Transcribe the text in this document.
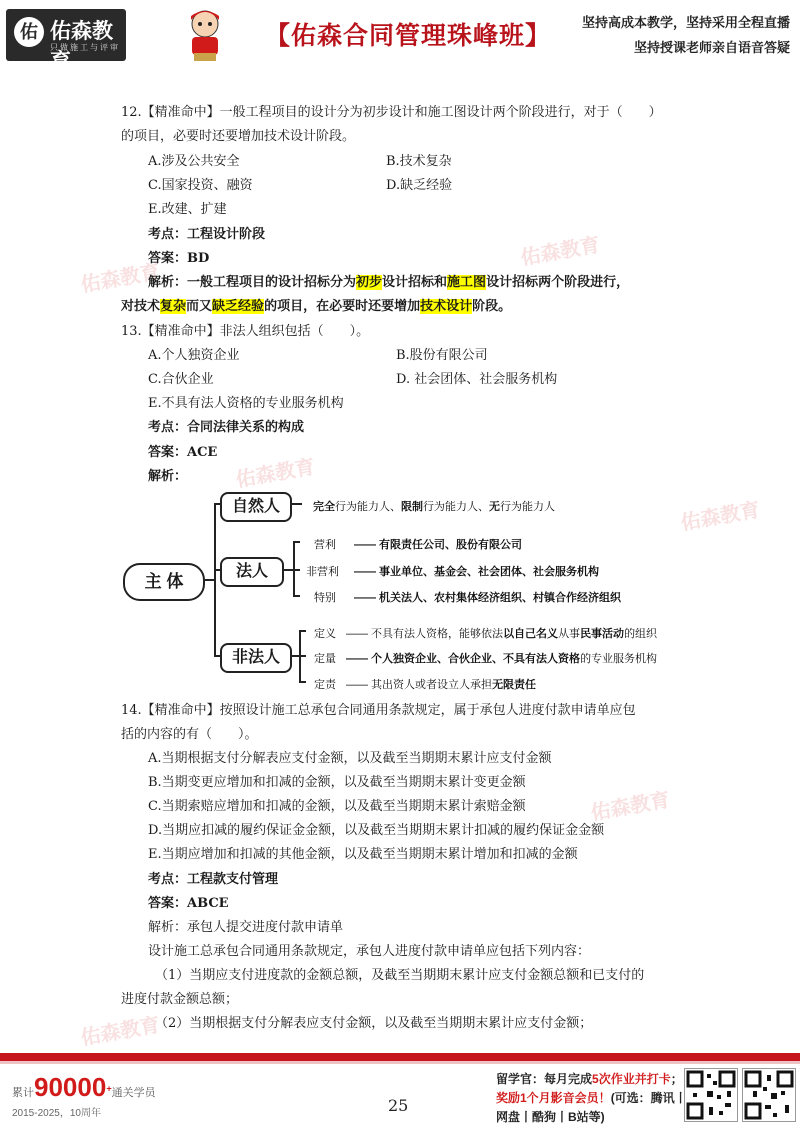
佑 佑森教育
只做施工与评审	【佑森合同管理珠峰班】 坚持高成本教学，坚持采用全程直播
坚持授课老师亲自语音答疑
佑森教育
佑森教育
佑森教育
佑森教育
佑森教育
佑森教育
12.【精准命中】一般工程项目的设计分为初步设计和施工图设计两个阶段进行，对于（　　）
的项目，必要时还要增加技术设计阶段。
A.涉及公共安全	B.技术复杂
C.国家投资、融资	D.缺乏经验
E.改建、扩建
考点：工程设计阶段
答案：BD
解析：一般工程项目的设计招标分为初步设计招标和施工图设计招标两个阶段进行，
对技术复杂而又缺乏经验的项目，在必要时还要增加技术设计阶段。
13.【精准命中】非法人组织包括（　　）。
A.个人独资企业	B.股份有限公司
C.合伙企业	D. 社会团体、社会服务机构
E.不具有法人资格的专业服务机构
考点：合同法律关系的构成
答案：ACE
解析：
主 体
自然人
法人
非法人
完全行为能力人、限制行为能力人、无行为能力人
营利 —— 有限责任公司、股份有限公司
非营利 —— 事业单位、基金会、社会团体、社会服务机构
特别 —— 机关法人、农村集体经济组织、村镇合作经济组织
定义 —— 不具有法人资格，能够依法以自己名义从事民事活动的组织
定量 —— 个人独资企业、合伙企业、不具有法人资格的专业服务机构
定责 —— 其出资人或者设立人承担无限责任
14.【精准命中】按照设计施工总承包合同通用条款规定，属于承包人进度付款申请单应包
括的内容的有（　　）。
A.当期根据支付分解表应支付金额，以及截至当期期末累计应支付金额
B.当期变更应增加和扣减的金额，以及截至当期期末累计变更金额
C.当期索赔应增加和扣减的金额，以及截至当期期末累计索赔金额
D.当期应扣减的履约保证金金额，以及截至当期期末累计扣减的履约保证金金额
E.当期应增加和扣减的其他金额，以及截至当期期末累计增加和扣减的金额
考点：工程款支付管理
答案：ABCE
解析：承包人提交进度付款申请单
设计施工总承包合同通用条款规定，承包人进度付款申请单应包括下列内容：
（1）当期应支付进度款的金额总额，及截至当期期末累计应支付金额总额和已支付的
进度付款金额总额；
（2）当期根据支付分解表应支付金额，以及截至当期期末累计应支付金额；
累计90000+通关学员
2015-2025，10周年	25
留学官：每月完成5次作业并打卡；
奖励1个月影音会员！(可选：腾讯丨
网盘丨酷狗丨B站等)
